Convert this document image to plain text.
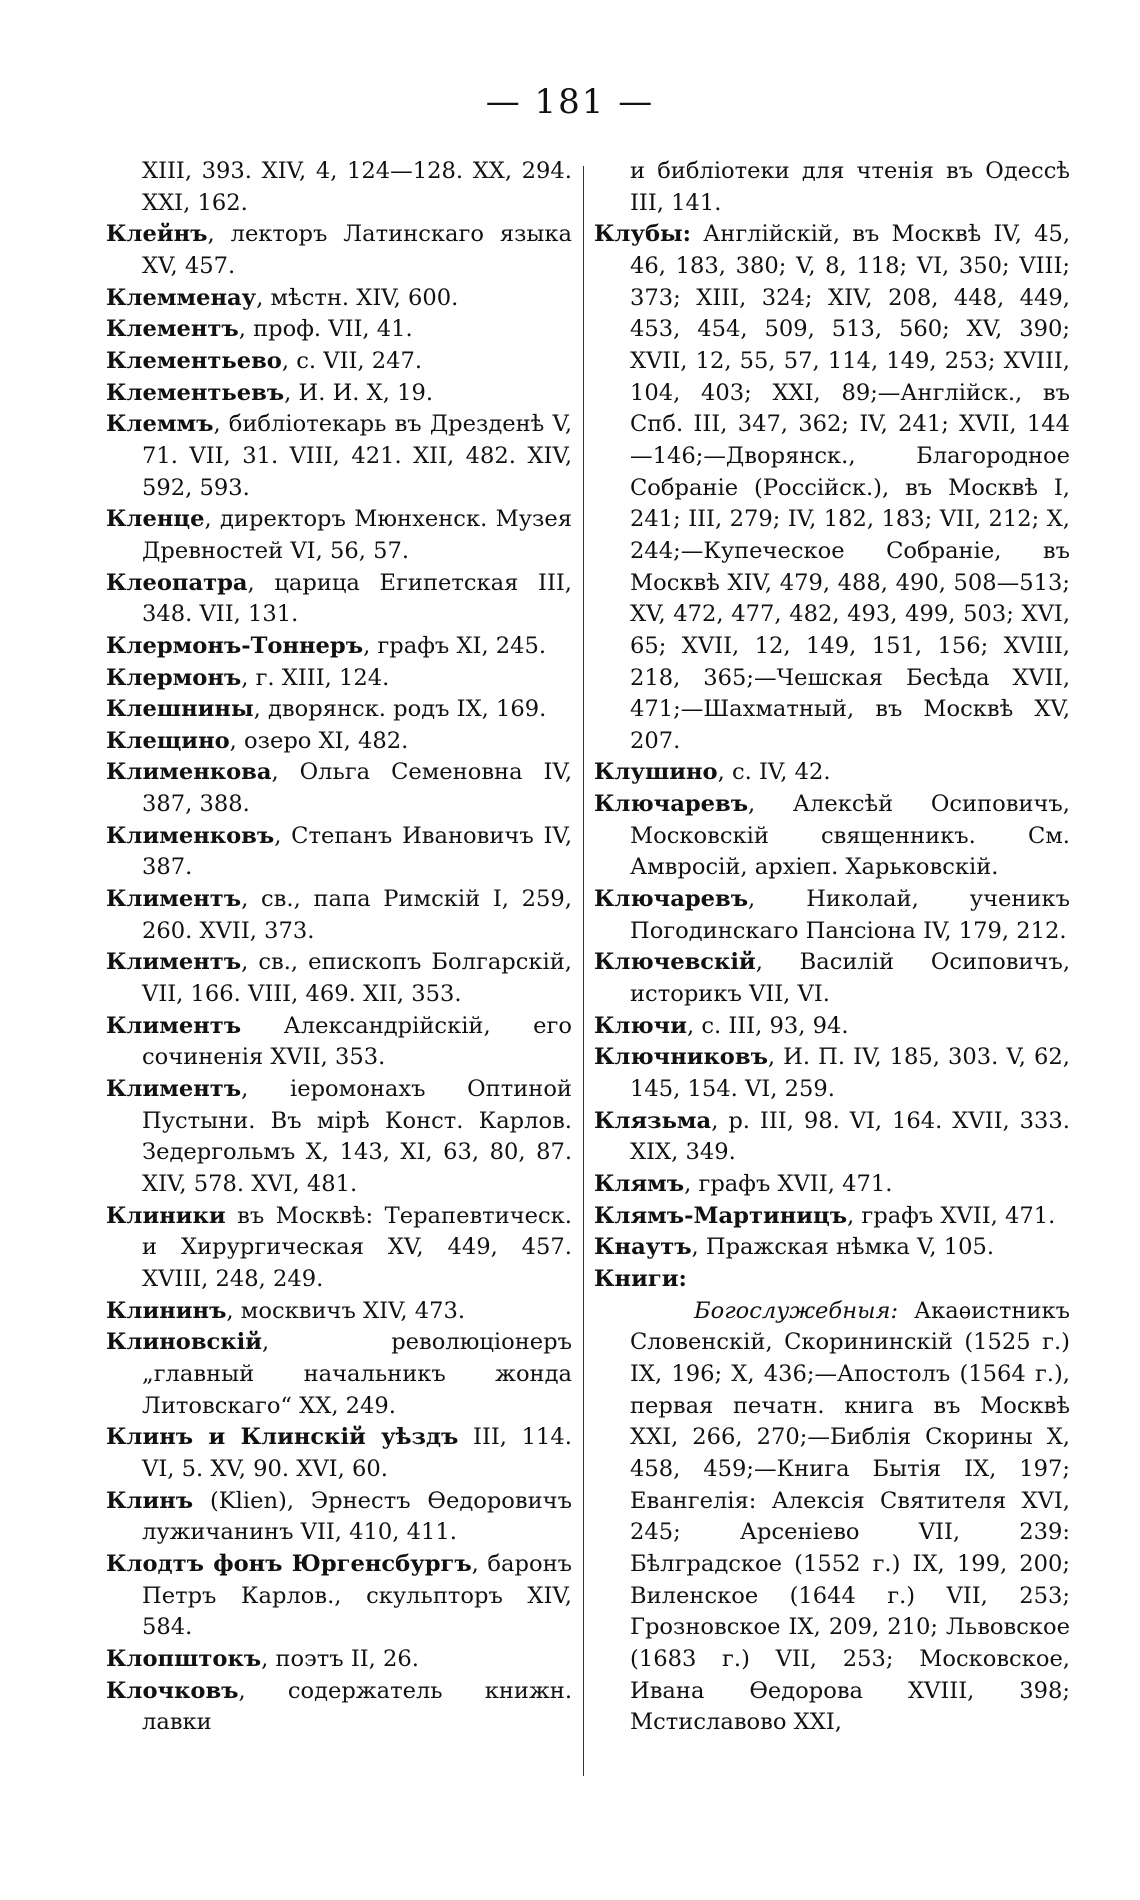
— 181 —

XIII, 393. XIV, 4, 124—128. XX, 294. XXI, 162.

Клейнъ, лекторъ Латинскаго языка XV, 457.

Клемменау, мѣстн. XIV, 600.

Клементъ, проф. VII, 41.

Клементьево, с. VII, 247.

Клементьевъ, И. И. X, 19.

Клеммъ, библіотекарь въ Дрезденѣ V, 71. VII, 31. VIII, 421. XII, 482. XIV, 592, 593.

Кленце, директоръ Мюнхенск. Музея Древностей VI, 56, 57.

Клеопатра, царица Египетская III, 348. VII, 131.

Клермонъ-Тоннеръ, графъ XI, 245.

Клермонъ, г. XIII, 124.

Клешнины, дворянск. родъ IX, 169.

Клещино, озеро XI, 482.

Клименкова, Ольга Семеновна IV, 387, 388.

Клименковъ, Степанъ Ивановичъ IV, 387.

Климентъ, св., папа Римскій I, 259, 260. XVII, 373.

Климентъ, св., епископъ Болгарскій, VII, 166. VIII, 469. XII, 353.

Климентъ Александрійскій, его сочиненія XVII, 353.

Климентъ, іеромонахъ Оптиной Пустыни. Въ мірѣ Конст. Карлов. Зедергольмъ X, 143, XI, 63, 80, 87. XIV, 578. XVI, 481.

Клиники въ Москвѣ: Терапевтическ. и Хирургическая XV, 449, 457. XVIII, 248, 249.

Клининъ, москвичъ XIV, 473.

Клиновскій, революціонеръ „главный начальникъ жонда Литовскаго“ XX, 249.

Клинъ и Клинскій уѣздъ III, 114. VI, 5. XV, 90. XVI, 60.

Клинъ (Klien), Эрнестъ Ѳедоровичъ лужичанинъ VII, 410, 411.

Клодтъ фонъ Юргенсбургъ, баронъ Петръ Карлов., скульпторъ XIV, 584.

Клопштокъ, поэтъ II, 26.

Клочковъ, содержатель книжн. лавки

и библіотеки для чтенія въ Одессѣ III, 141.

Клубы: Англійскій, въ Москвѣ IV, 45, 46, 183, 380; V, 8, 118; VI, 350; VIII; 373; XIII, 324; XIV, 208, 448, 449, 453, 454, 509, 513, 560; XV, 390; XVII, 12, 55, 57, 114, 149, 253; XVIII, 104, 403; XXI, 89;—Англійск., въ Спб. III, 347, 362; IV, 241; XVII, 144—146;—Дворянск., Благородное Собраніе (Россійск.), въ Москвѣ I, 241; III, 279; IV, 182, 183; VII, 212; X, 244;—Купеческое Собраніе, въ Москвѣ XIV, 479, 488, 490, 508—513; XV, 472, 477, 482, 493, 499, 503; XVI, 65; XVII, 12, 149, 151, 156; XVIII, 218, 365;—Чешская Бесѣда XVII, 471;—Шахматный, въ Москвѣ XV, 207.

Клушино, с. IV, 42.

Ключаревъ, Алексѣй Осиповичъ, Московскій священникъ. См. Амвросій, архіеп. Харьковскій.

Ключаревъ, Николай, ученикъ Погодинскаго Пансіона IV, 179, 212.

Ключевскій, Василій Осиповичъ, историкъ VII, VI.

Ключи, с. III, 93, 94.

Ключниковъ, И. П. IV, 185, 303. V, 62, 145, 154. VI, 259.

Клязьма, р. III, 98. VI, 164. XVII, 333. XIX, 349.

Клямъ, графъ XVII, 471.

Клямъ-Мартиницъ, графъ XVII, 471.

Кнаутъ, Пражская нѣмка V, 105.

Книги:

Богослужебныя: Акаѳистникъ Словенскій, Скорининскій (1525 г.) IX, 196; X, 436;—Апостолъ (1564 г.), первая печатн. книга въ Москвѣ XXI, 266, 270;—Библія Скорины X, 458, 459;—Книга Бытія IX, 197; Евангелія: Алексія Святителя XVI, 245; Арсеніево VII, 239: Бѣлградское (1552 г.) IX, 199, 200; Виленское (1644 г.) VII, 253; Грозновское IX, 209, 210; Львовское (1683 г.) VII, 253; Московское, Ивана Ѳедорова XVIII, 398; Мстиславово XXI,
